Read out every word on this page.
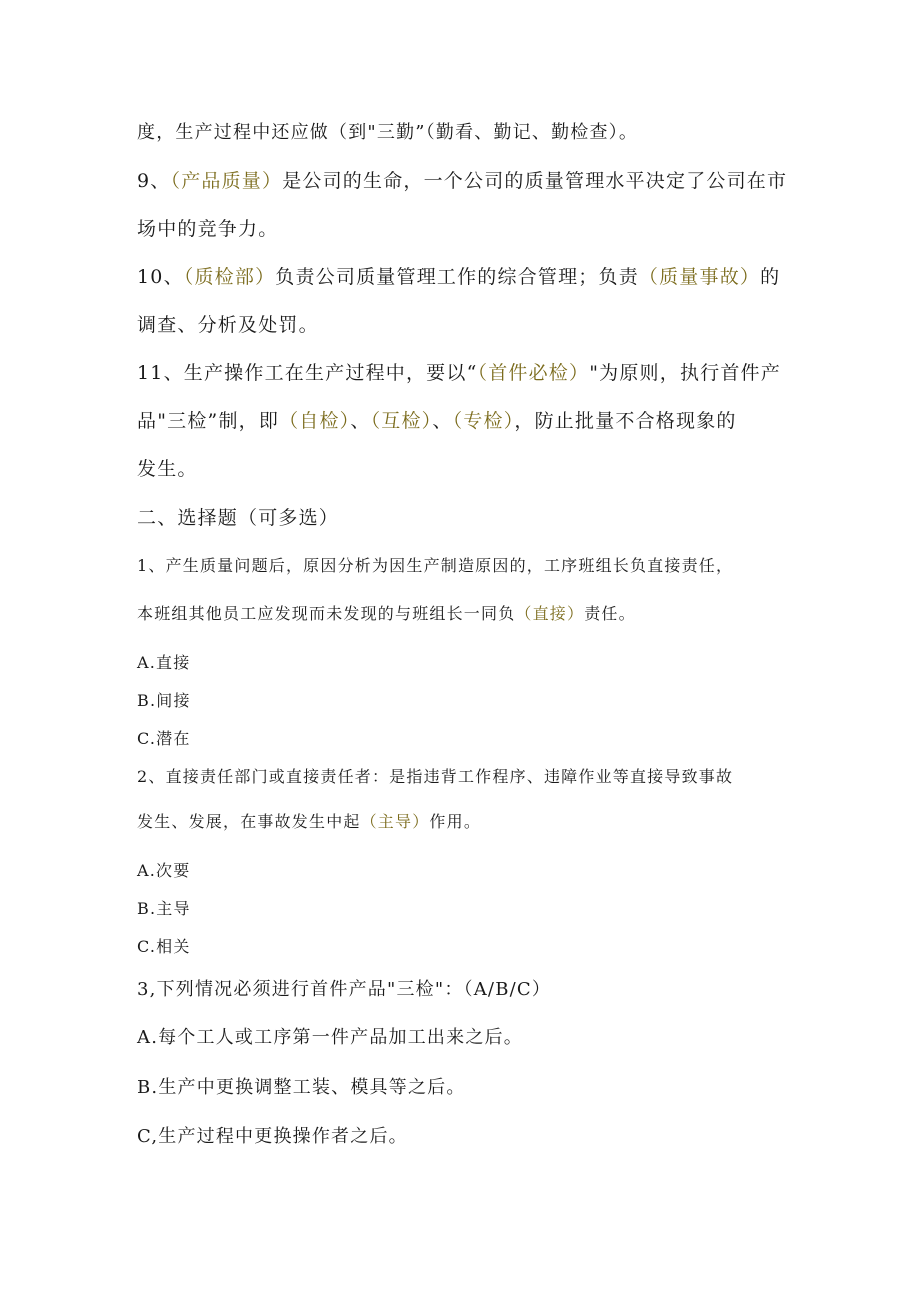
度，生产过程中还应做（到"三勤”（勤看、勤记、勤检查）。
9、（产品质量）是公司的生命，一个公司的质量管理水平决定了公司在市
场中的竞争力。
10、（质检部）负责公司质量管理工作的综合管理；负责（质量事故）的
调查、分析及处罚。
11、生产操作工在生产过程中，要以“（首件必检）"为原则，执行首件产
品"三检”制，即（自检）、（互检）、（专检），防止批量不合格现象的
发生。
二、选择题（可多选）
1、产生质量问题后，原因分析为因生产制造原因的，工序班组长负直接责任，
本班组其他员工应发现而未发现的与班组长一同负（直接）责任。
A.直接
B.间接
C.潜在
2、直接责任部门或直接责任者：是指违背工作程序、违障作业等直接导致事故
发生、发展，在事故发生中起（主导）作用。
A.次要
B.主导
C.相关
3,下列情况必须进行首件产品"三检"：（A/B/C）
A.每个工人或工序第一件产品加工出来之后。
B.生产中更换调整工装、模具等之后。
C,生产过程中更换操作者之后。
